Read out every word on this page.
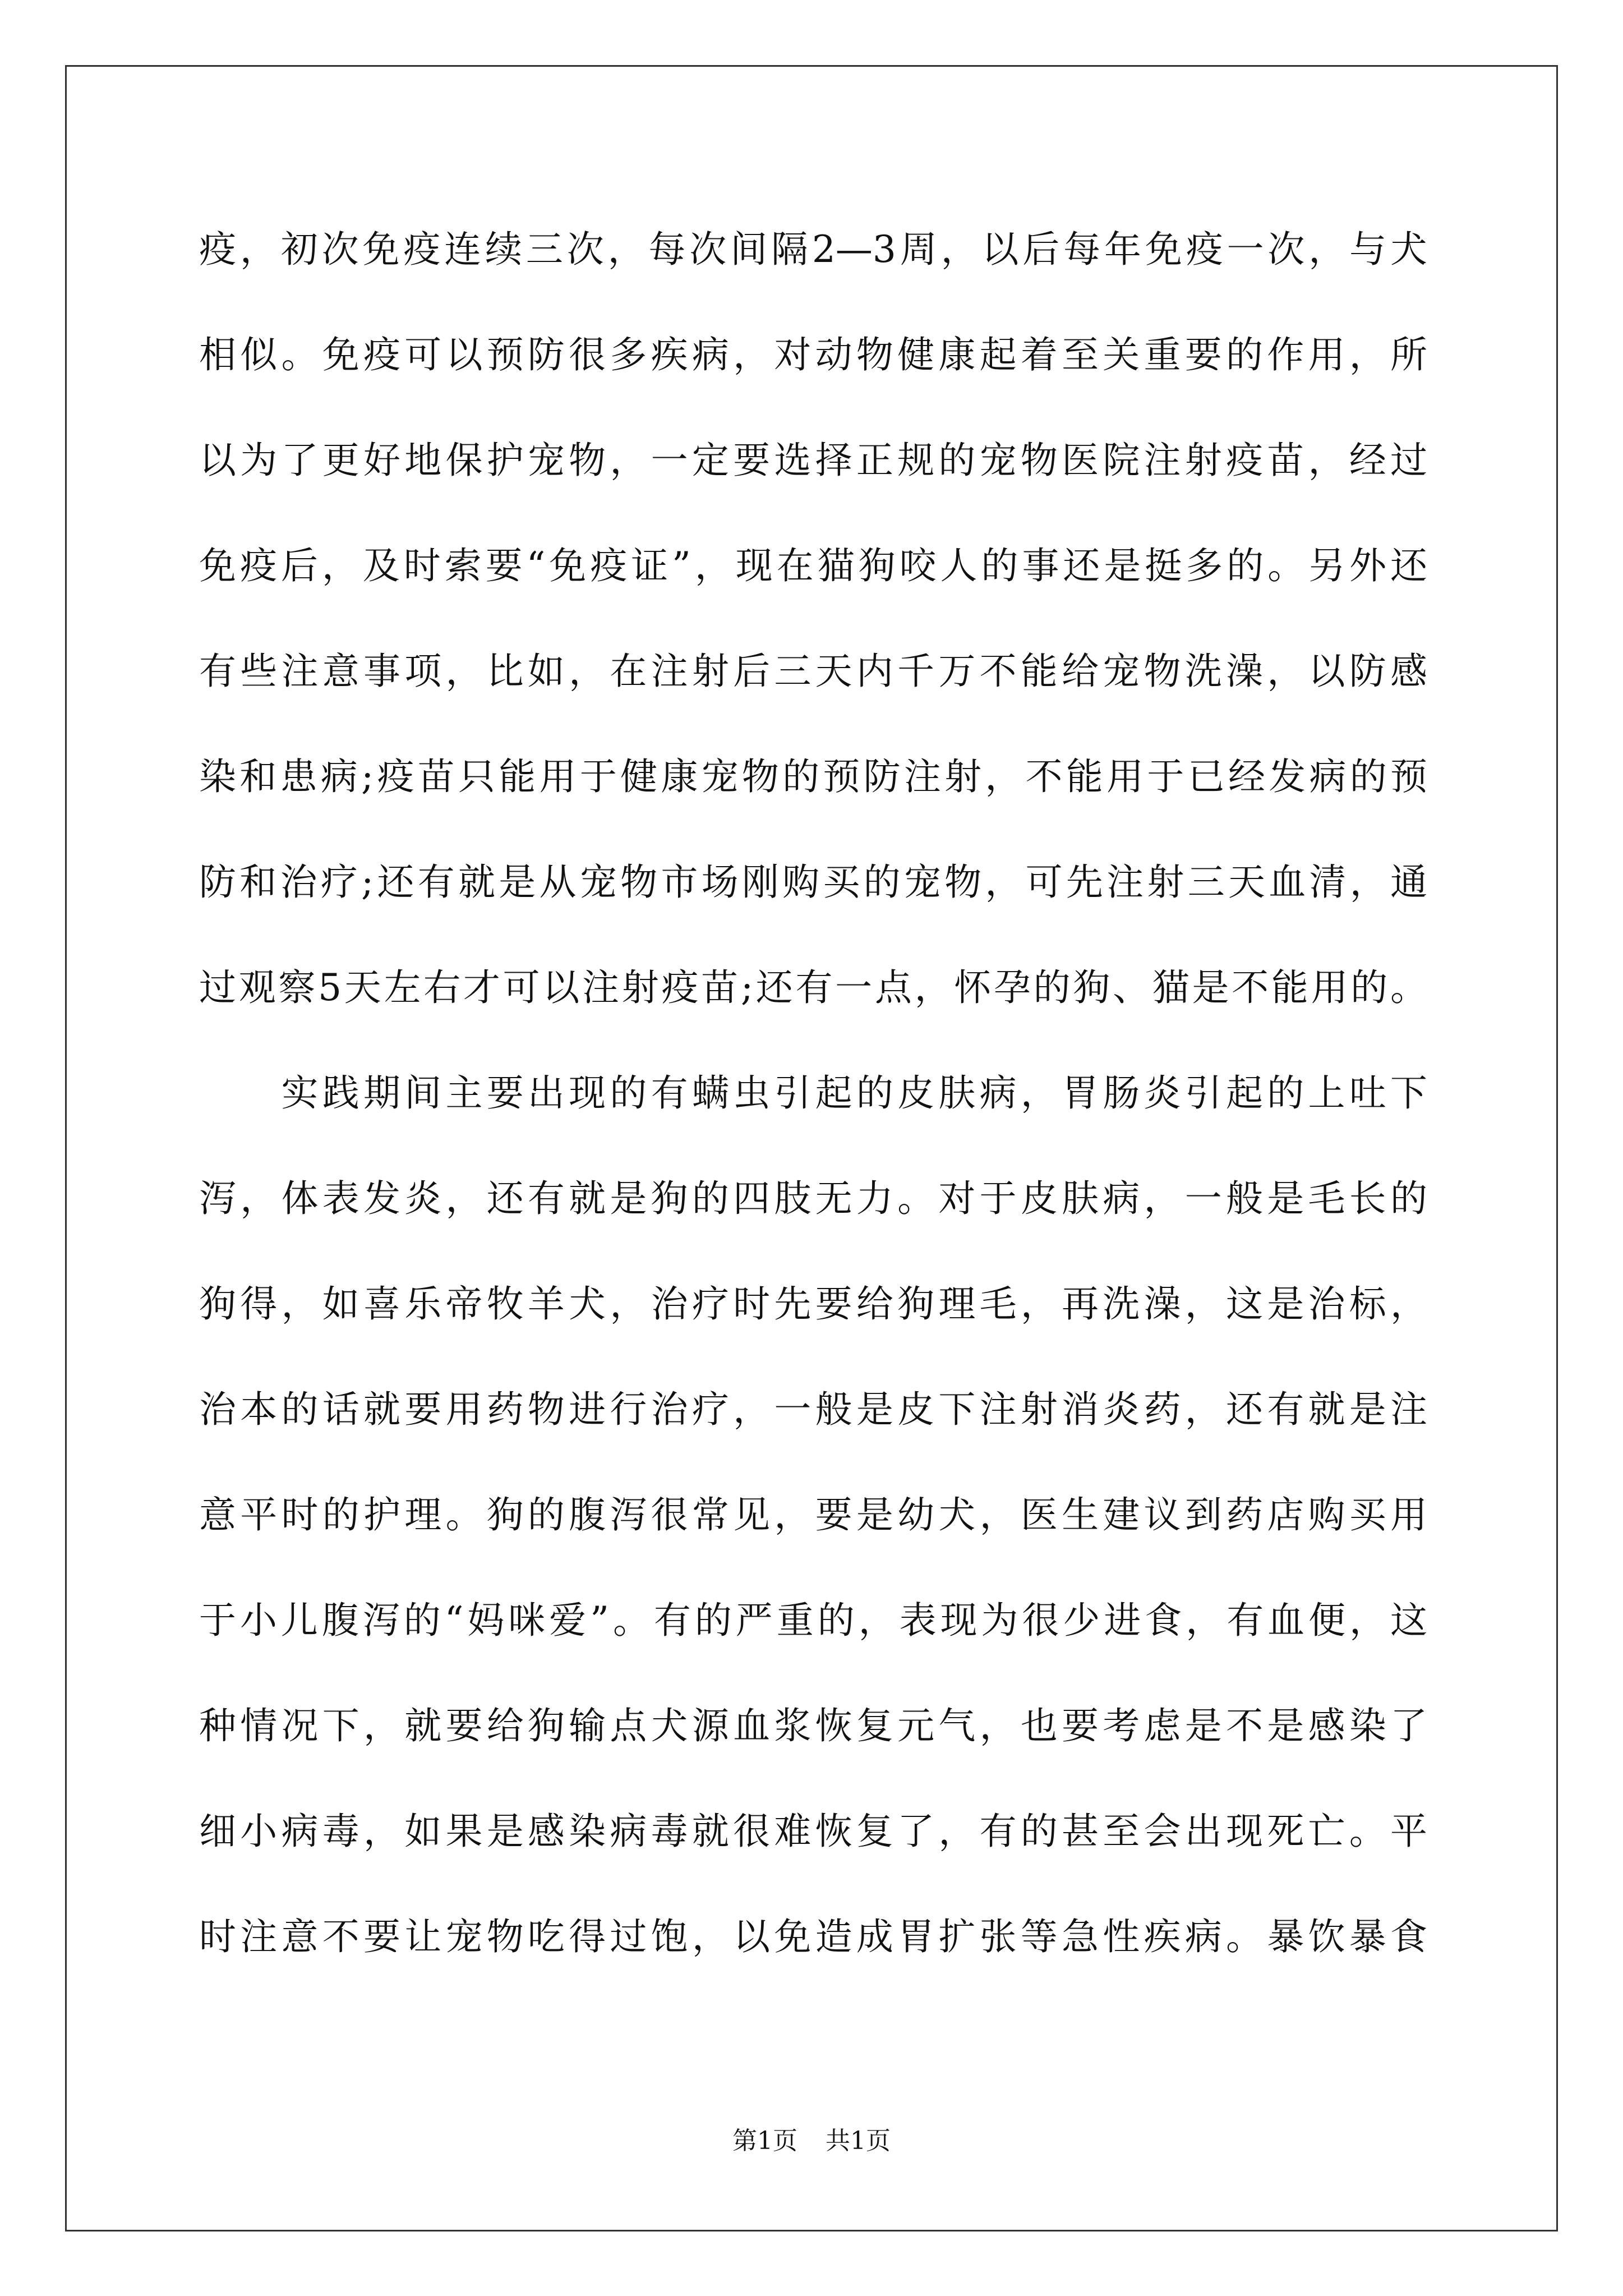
疫，初次免疫连续三次，每次间隔2—3周，以后每年免疫一次，与犬
相似。免疫可以预防很多疾病，对动物健康起着至关重要的作用，所
以为了更好地保护宠物，一定要选择正规的宠物医院注射疫苗，经过
免疫后，及时索要“免疫证”，现在猫狗咬人的事还是挺多的。另外还
有些注意事项，比如，在注射后三天内千万不能给宠物洗澡，以防感
染和患病;疫苗只能用于健康宠物的预防注射，不能用于已经发病的预
防和治疗;还有就是从宠物市场刚购买的宠物，可先注射三天血清，通
过观察5天左右才可以注射疫苗;还有一点，怀孕的狗、猫是不能用的。
　　实践期间主要出现的有螨虫引起的皮肤病，胃肠炎引起的上吐下
泻，体表发炎，还有就是狗的四肢无力。对于皮肤病，一般是毛长的
狗得，如喜乐帝牧羊犬，治疗时先要给狗理毛，再洗澡，这是治标，
治本的话就要用药物进行治疗，一般是皮下注射消炎药，还有就是注
意平时的护理。狗的腹泻很常见，要是幼犬，医生建议到药店购买用
于小儿腹泻的“妈咪爱”。有的严重的，表现为很少进食，有血便，这
种情况下，就要给狗输点犬源血浆恢复元气，也要考虑是不是感染了
细小病毒，如果是感染病毒就很难恢复了，有的甚至会出现死亡。平
时注意不要让宠物吃得过饱，以免造成胃扩张等急性疾病。暴饮暴食
第1页 共1页
